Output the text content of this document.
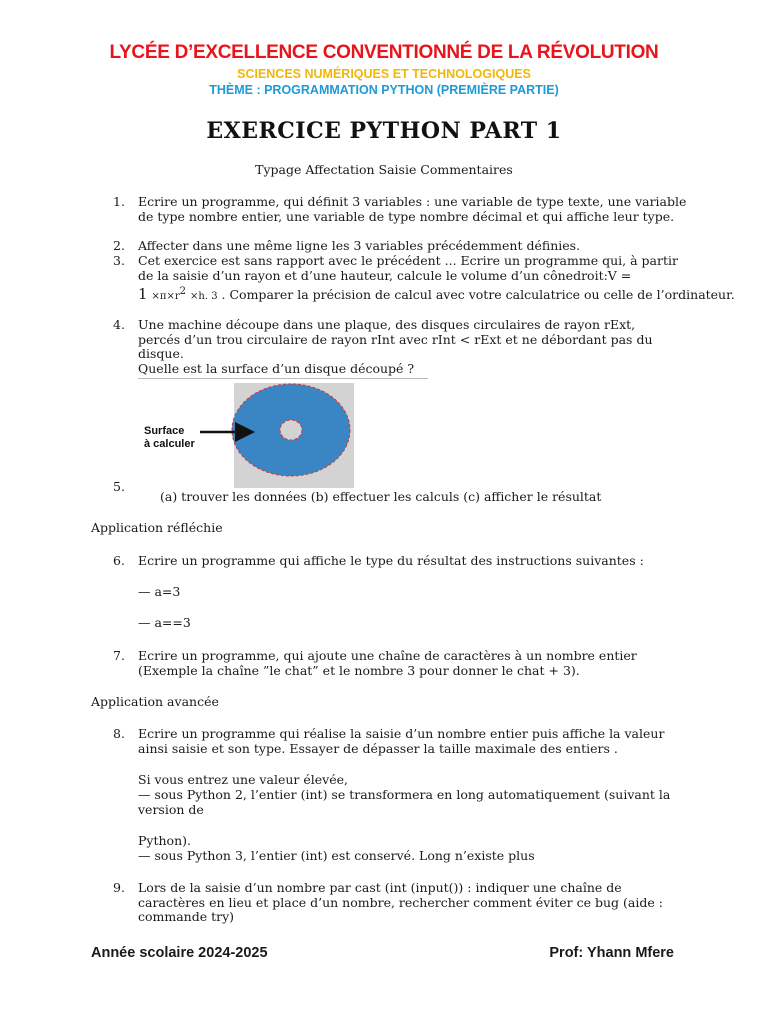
LYCÉE D’EXCELLENCE CONVENTIONNÉ DE LA RÉVOLUTION
SCIENCES NUMÉRIQUES ET TECHNOLOGIQUES
THÈME : PROGRAMMATION PYTHON (PREMIÈRE PARTIE)
EXERCICE PYTHON PART 1
Typage Affectation Saisie Commentaires
1. Ecrire un programme, qui définit 3 variables : une variable de type texte, une variable de type nombre entier, une variable de type nombre décimal et qui affiche leur type.

2. Affecter dans une même ligne les 3 variables précédemment définies.

3. Cet exercice est sans rapport avec le précédent ... Ecrire un programme qui, à partir de la saisie d’un rayon et d’une hauteur, calcule le volume d’un cônedroit:V =

$1 \times\pi\times r^2 \times h$. 3 . Comparer la précision de calcul avec votre calculatrice ou celle de l’ordinateur.
4. Une machine découpe dans une plaque, des disques circulaires de rayon rExt, percés d’un trou circulaire de rayon rInt avec rInt < rExt et ne débordant pas du disque.

Quelle est la surface d’un disque découpé ?

Surface
à calculer
5.

(a) trouver les données (b) effectuer les calculs (c) afficher le résultat

Application réfléchie

6. Ecrire un programme qui affiche le type du résultat des instructions suivantes :

— a=3

— a==3

7. Ecrire un programme, qui ajoute une chaîne de caractères à un nombre entier (Exemple la chaîne ”le chat” et le nombre 3 pour donner le chat + 3).

Application avancée

8. Ecrire un programme qui réalise la saisie d’un nombre entier puis affiche la valeur ainsi saisie et son type. Essayer de dépasser la taille maximale des entiers .

Si vous entrez une valeur élevée,

— sous Python 2, l’entier (int) se transformera en long automatiquement (suivant la version de

Python).

— sous Python 3, l’entier (int) est conservé. Long n’existe plus

9. Lors de la saisie d’un nombre par cast (int (input()) : indiquer une chaîne de caractères en lieu et place d’un nombre, rechercher comment éviter ce bug (aide : commande try)

Année scolaire 2024-2025	Prof: Yhann Mfere
